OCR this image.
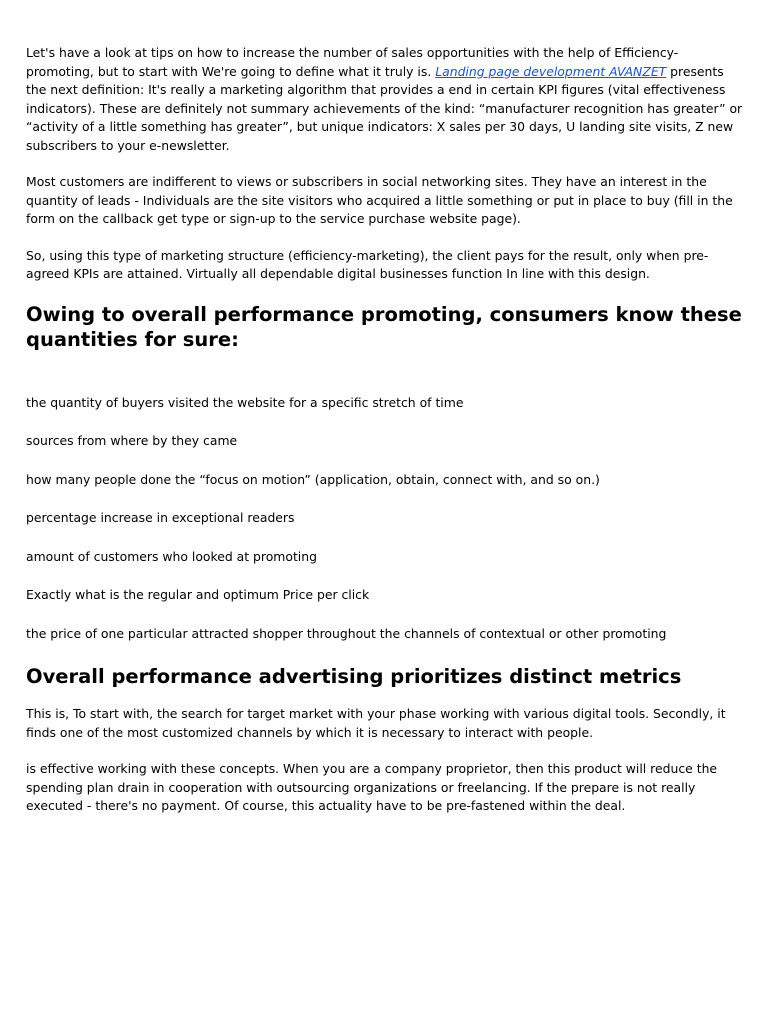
Let's have a look at tips on how to increase the number of sales opportunities with the help of Efficiency-promoting, but to start with We're going to define what it truly is. Landing page development AVANZET presents the next definition: It's really a marketing algorithm that provides a end in certain KPI figures (vital effectiveness indicators). These are definitely not summary achievements of the kind: “manufacturer recognition has greater” or “activity of a little something has greater”, but unique indicators: X sales per 30 days, U landing site visits, Z new subscribers to your e-newsletter.

Most customers are indifferent to views or subscribers in social networking sites. They have an interest in the quantity of leads - Individuals are the site visitors who acquired a little something or put in place to buy (fill in the form on the callback get type or sign-up to the service purchase website page).

So, using this type of marketing structure (efficiency-marketing), the client pays for the result, only when pre-agreed KPIs are attained. Virtually all dependable digital businesses function In line with this design.

Owing to overall performance promoting, consumers know these quantities for sure:
the quantity of buyers visited the website for a specific stretch of time
sources from where by they came
how many people done the “focus on motion” (application, obtain, connect with, and so on.)
percentage increase in exceptional readers
amount of customers who looked at promoting
Exactly what is the regular and optimum Price per click
the price of one particular attracted shopper throughout the channels of contextual or other promoting
Overall performance advertising prioritizes distinct metrics

This is, To start with, the search for target market with your phase working with various digital tools. Secondly, it finds one of the most customized channels by which it is necessary to interact with people.

is effective working with these concepts. When you are a company proprietor, then this product will reduce the spending plan drain in cooperation with outsourcing organizations or freelancing. If the prepare is not really executed - there's no payment. Of course, this actuality have to be pre-fastened within the deal.
